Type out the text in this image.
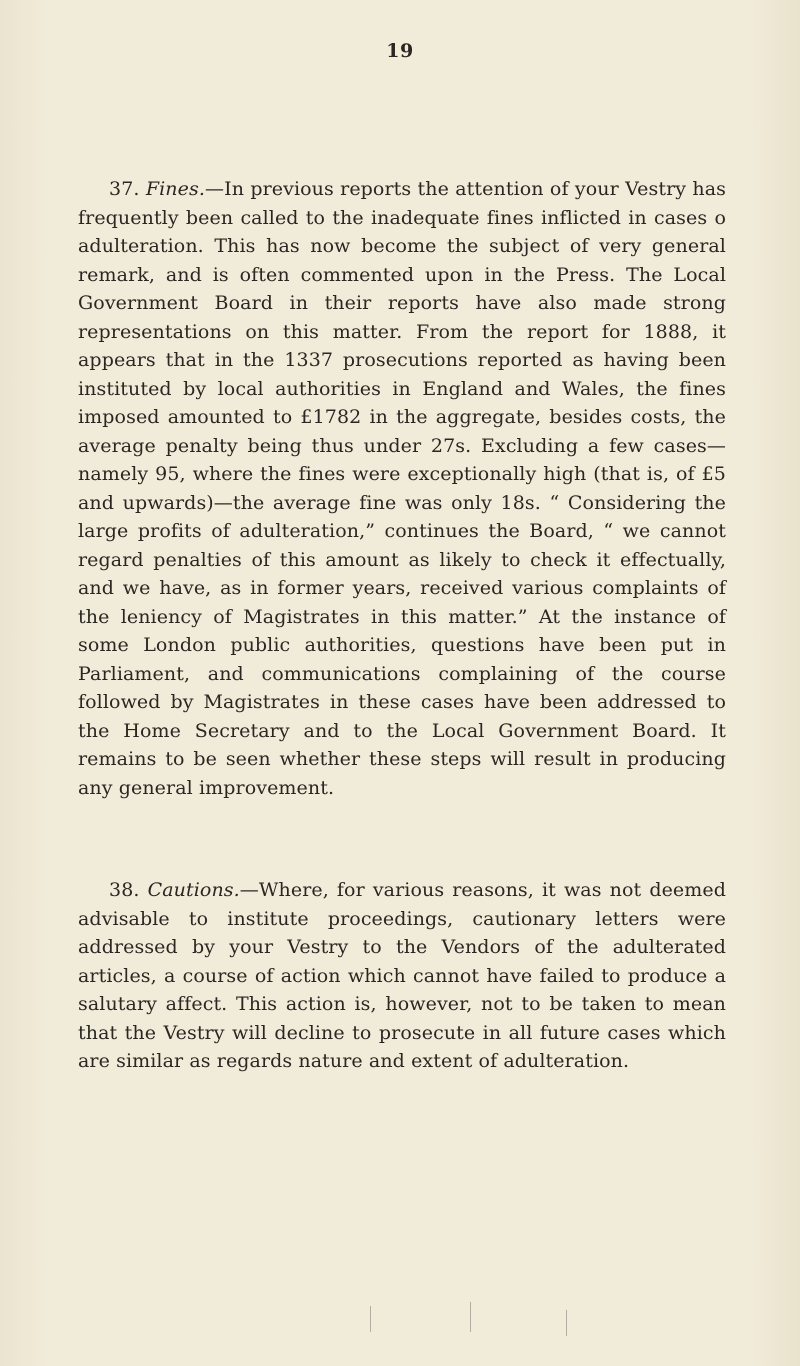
19

37. Fines.—In previous reports the attention of your Vestry has frequently been called to the inadequate fines inflicted in cases o adulteration. This has now become the subject of very general remark, and is often commented upon in the Press. The Local Government Board in their reports have also made strong representations on this matter. From the report for 1888, it appears that in the 1337 prosecutions reported as having been instituted by local authorities in England and Wales, the fines imposed amounted to £1782 in the aggregate, besides costs, the average penalty being thus under 27s. Excluding a few cases—namely 95, where the fines were exceptionally high (that is, of £5 and upwards)—the average fine was only 18s. “ Considering the large profits of adulteration,” continues the Board, “ we cannot regard penalties of this amount as likely to check it effectually, and we have, as in former years, received various complaints of the leniency of Magistrates in this matter.” At the instance of some London public authorities, questions have been put in Parliament, and communications complaining of the course followed by Magistrates in these cases have been addressed to the Home Secretary and to the Local Government Board. It remains to be seen whether these steps will result in producing any general improvement.

38. Cautions.—Where, for various reasons, it was not deemed advisable to institute proceedings, cautionary letters were addressed by your Vestry to the Vendors of the adulterated articles, a course of action which cannot have failed to produce a salutary affect. This action is, however, not to be taken to mean that the Vestry will decline to prosecute in all future cases which are similar as regards nature and extent of adulteration.
